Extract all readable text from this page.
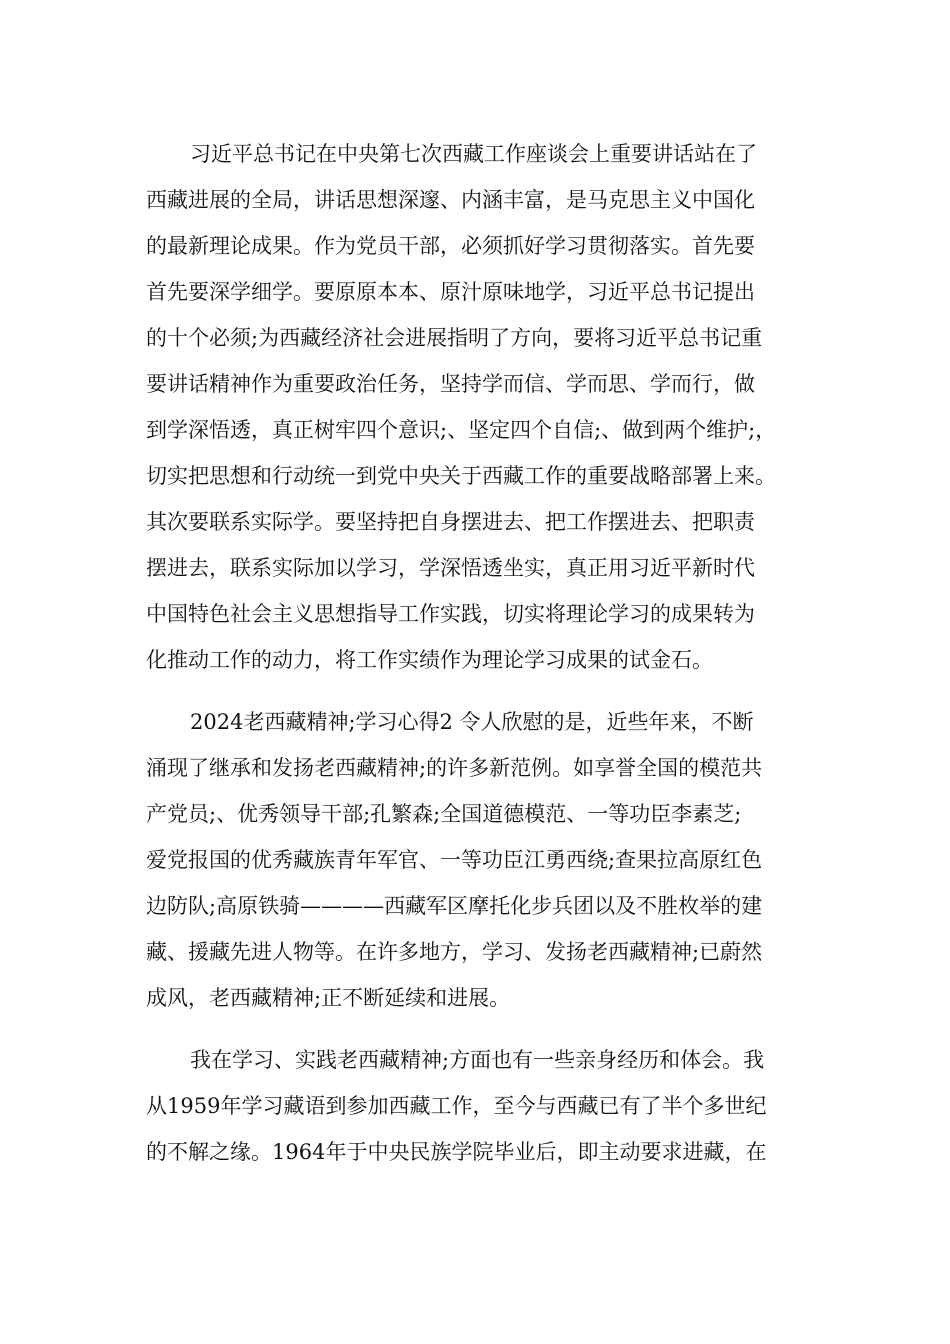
习近平总书记在中央第七次西藏工作座谈会上重要讲话站在了
西藏进展的全局，讲话思想深邃、内涵丰富，是马克思主义中国化
的最新理论成果。作为党员干部，必须抓好学习贯彻落实。首先要
首先要深学细学。要原原本本、原汁原味地学，习近平总书记提出
的十个必须;为西藏经济社会进展指明了方向，要将习近平总书记重
要讲话精神作为重要政治任务，坚持学而信、学而思、学而行，做
到学深悟透，真正树牢四个意识;、坚定四个自信;、做到两个维护;，
切实把思想和行动统一到党中央关于西藏工作的重要战略部署上来。
其次要联系实际学。要坚持把自身摆进去、把工作摆进去、把职责
摆进去，联系实际加以学习，学深悟透坐实，真正用习近平新时代
中国特色社会主义思想指导工作实践，切实将理论学习的成果转为
化推动工作的动力，将工作实绩作为理论学习成果的试金石。
2024老西藏精神;学习心得2 令人欣慰的是，近些年来，不断
涌现了继承和发扬老西藏精神;的许多新范例。如享誉全国的模范共
产党员;、优秀领导干部;孔繁森;全国道德模范、一等功臣李素芝;
爱党报国的优秀藏族青年军官、一等功臣江勇西绕;查果拉高原红色
边防队;高原铁骑————西藏军区摩托化步兵团以及不胜枚举的建
藏、援藏先进人物等。在许多地方，学习、发扬老西藏精神;已蔚然
成风，老西藏精神;正不断延续和进展。
我在学习、实践老西藏精神;方面也有一些亲身经历和体会。我
从1959年学习藏语到参加西藏工作，至今与西藏已有了半个多世纪
的不解之缘。1964年于中央民族学院毕业后，即主动要求进藏，在
